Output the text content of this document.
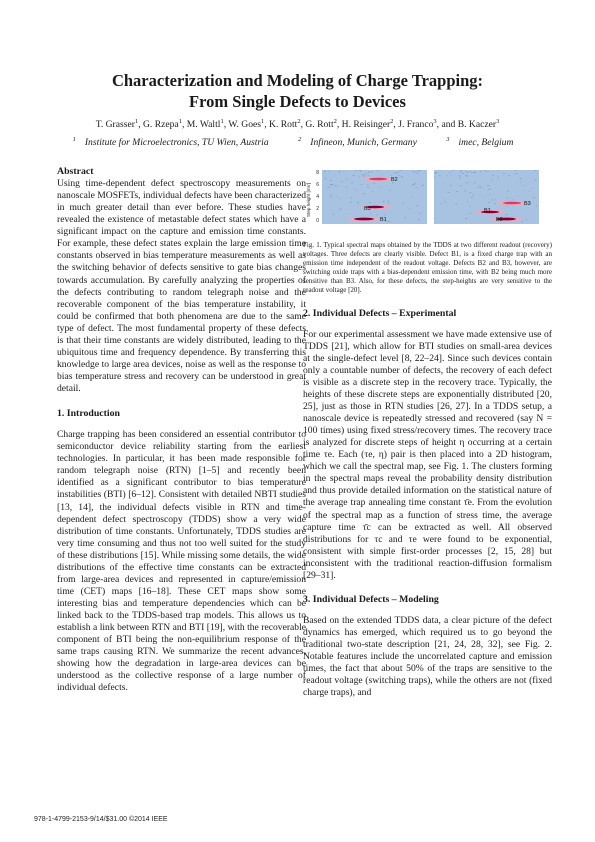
Characterization and Modeling of Charge Trapping:
From Single Defects to Devices
T. Grasser$^1$, G. Rzepa$^1$, M. Waltl$^1$, W. Goes$^1$, K. Rott$^2$, G. Rott$^2$, H. Reisinger$^2$, J. Franco$^3$, and B. Kaczer$^3$
$^1$ Institute for Microelectronics, TU Wien, Austria	$^2$ Infineon, Munich, Germany	$^3$ imec, Belgium

Abstract

Using time-dependent defect spectroscopy measurements on nanoscale MOSFETs, individual defects have been characterized in much greater detail than ever before. These studies have revealed the existence of metastable defect states which have a significant impact on the capture and emission time constants. For example, these defect states explain the large emission time constants observed in bias temperature measurements as well as the switching behavior of defects sensitive to gate bias changes towards accumulation. By carefully analyzing the properties of the defects contributing to random telegraph noise and the recoverable component of the bias temperature instability, it could be confirmed that both phenomena are due to the same type of defect. The most fundamental property of these defects is that their time constants are widely distributed, leading to the ubiquitous time and frequency dependence. By transferring this knowledge to large area devices, noise as well as the response to bias temperature stress and recovery can be understood in great detail.

1. Introduction

Charge trapping has been considered an essential contributor to semiconductor device reliability starting from the earliest technologies. In particular, it has been made responsible for random telegraph noise (RTN) [1–5] and recently been identified as a significant contributor to bias temperature instabilities (BTI) [6–12]. Consistent with detailed NBTI studies [13, 14], the individual defects visible in RTN and time-dependent defect spectroscopy (TDDS) show a very wide distribution of time constants. Unfortunately, TDDS studies are very time consuming and thus not too well suited for the study of these distributions [15]. While missing some details, the wide distributions of the effective time constants can be extracted from large-area devices and represented in capture/emission time (CET) maps [16–18]. These CET maps show some interesting bias and temperature dependencies which can be linked back to the TDDS-based trap models. This allows us to establish a link between RTN and BTI [19], with the recoverable component of BTI being the non-equilibrium response of the same traps causing RTN. We summarize the recent advances, showing how the degradation in large-area devices can be understood as the collective response of a large number of individual defects.

Step height [mV]
8
6
4
2
0
B2
B3
B1
B3
B1
B2

Fig. 1. Typical spectral maps obtained by the TDDS at two different readout (recovery) voltages. Three defects are clearly visible. Defect B1, is a fixed charge trap with an emission time independent of the readout voltage. Defects B2 and B3, however, are switching oxide traps with a bias-dependent emission time, with B2 being much more sensitive than B3. Also, for these defects, the step-heights are very sensitive to the readout voltage [20].

2. Individual Defects – Experimental

For our experimental assessment we have made extensive use of TDDS [21], which allow for BTI studies on small-area devices at the single-defect level [8, 22–24]. Since such devices contain only a countable number of defects, the recovery of each defect is visible as a discrete step in the recovery trace. Typically, the heights of these discrete steps are exponentially distributed [20, 25], just as those in RTN studies [26, 27]. In a TDDS setup, a nanoscale device is repeatedly stressed and recovered (say N = 100 times) using fixed stress/recovery times. The recovery trace is analyzed for discrete steps of height η occurring at a certain time τe. Each (τe, η) pair is then placed into a 2D histogram, which we call the spectral map, see Fig. 1. The clusters forming in the spectral maps reveal the probability density distribution and thus provide detailed information on the statistical nature of the average trap annealing time constant τ̄e. From the evolution of the spectral map as a function of stress time, the average capture time τ̄c can be extracted as well. All observed distributions for τc and τe were found to be exponential, consistent with simple first-order processes [2, 15, 28] but inconsistent with the traditional reaction-diffusion formalism [29–31].

3. Individual Defects – Modeling

Based on the extended TDDS data, a clear picture of the defect dynamics has emerged, which required us to go beyond the traditional two-state description [21, 24, 28, 32], see Fig. 2. Notable features include the uncorrelated capture and emission times, the fact that about 50% of the traps are sensitive to the readout voltage (switching traps), while the others are not (fixed charge traps), and

978-1-4799-2153-9/14/$31.00 ©2014 IEEE
